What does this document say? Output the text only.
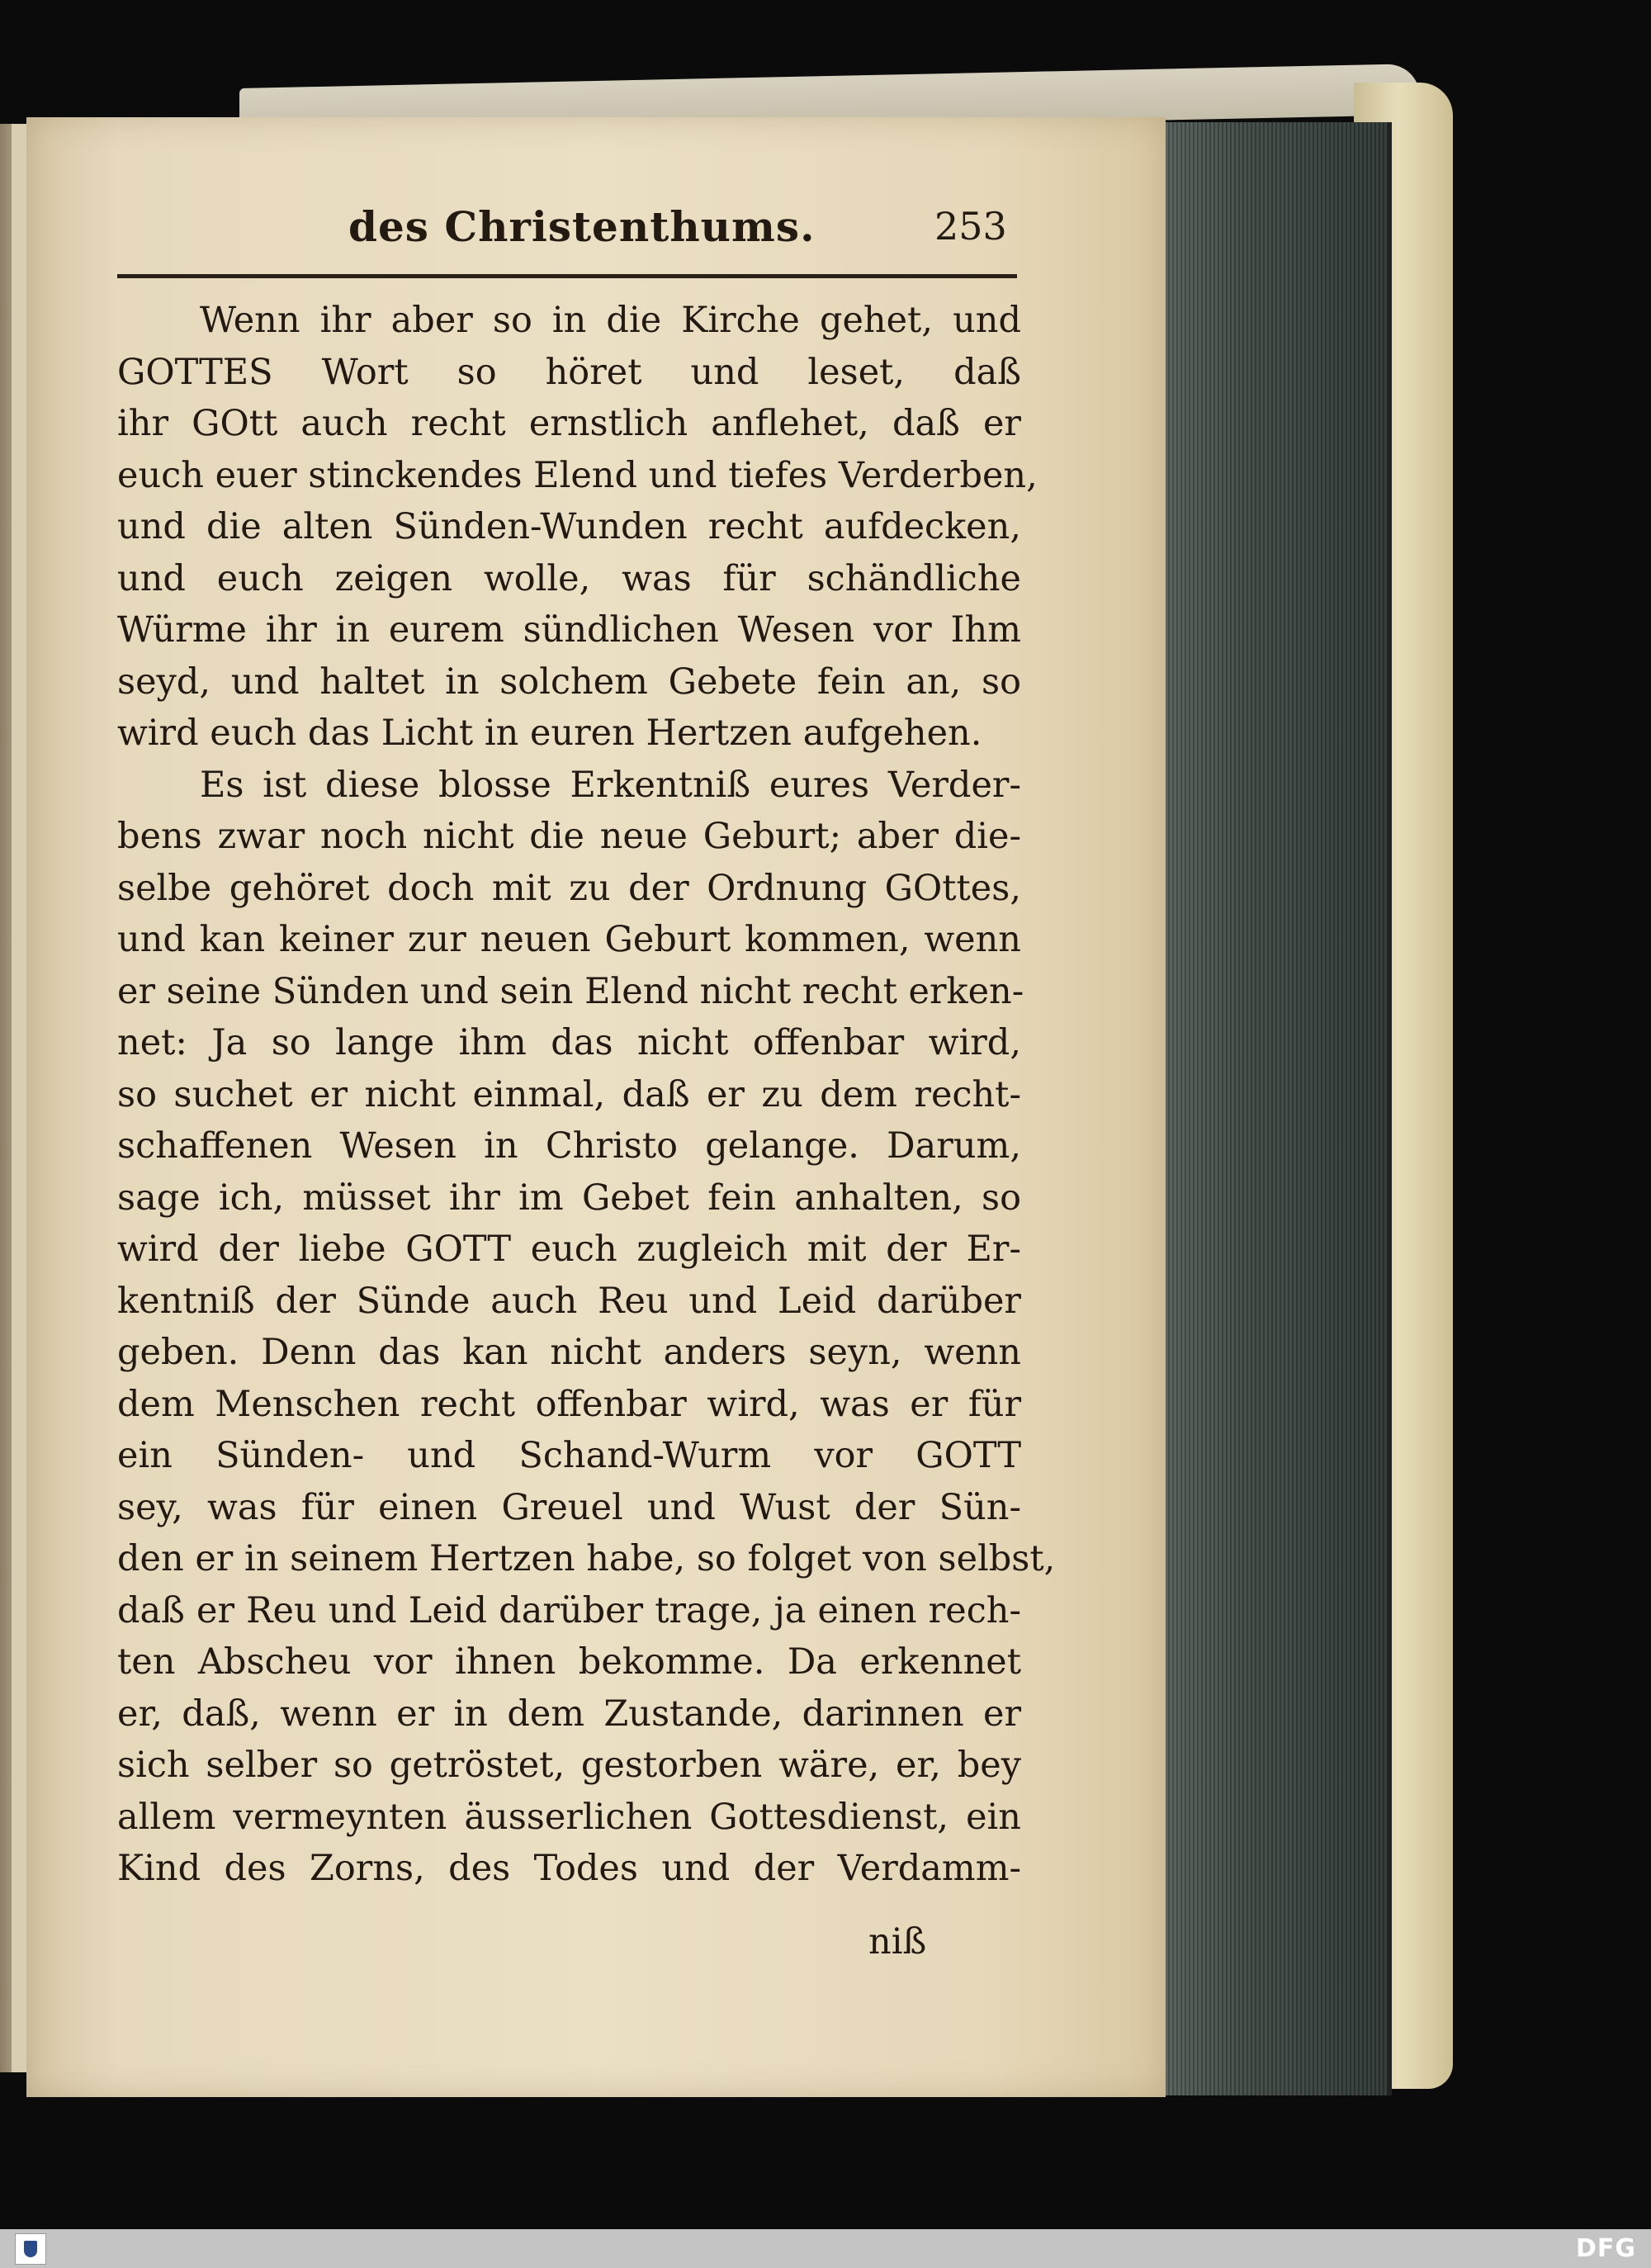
des Christenthums.	253
Wenn ihr aber so in die Kirche gehet, und
GOTTES Wort so höret und leset, daß
ihr GOtt auch recht ernstlich anflehet, daß er
euch euer stinckendes Elend und tiefes Verderben,
und die alten Sünden-Wunden recht aufdecken,
und euch zeigen wolle, was für schändliche
Würme ihr in eurem sündlichen Wesen vor Ihm
seyd, und haltet in solchem Gebete fein an, so
wird euch das Licht in euren Hertzen aufgehen.
Es ist diese blosse Erkentniß eures Verder-
bens zwar noch nicht die neue Geburt; aber die-
selbe gehöret doch mit zu der Ordnung GOttes,
und kan keiner zur neuen Geburt kommen, wenn
er seine Sünden und sein Elend nicht recht erken-
net: Ja so lange ihm das nicht offenbar wird,
so suchet er nicht einmal, daß er zu dem recht-
schaffenen Wesen in Christo gelange. Darum,
sage ich, müsset ihr im Gebet fein anhalten, so
wird der liebe GOTT euch zugleich mit der Er-
kentniß der Sünde auch Reu und Leid darüber
geben. Denn das kan nicht anders seyn, wenn
dem Menschen recht offenbar wird, was er für
ein Sünden- und Schand-Wurm vor GOTT
sey, was für einen Greuel und Wust der Sün-
den er in seinem Hertzen habe, so folget von selbst,
daß er Reu und Leid darüber trage, ja einen rech-
ten Abscheu vor ihnen bekomme. Da erkennet
er, daß, wenn er in dem Zustande, darinnen er
sich selber so getröstet, gestorben wäre, er, bey
allem vermeynten äusserlichen Gottesdienst, ein
Kind des Zorns, des Todes und der Verdamm-
niß
DFG
